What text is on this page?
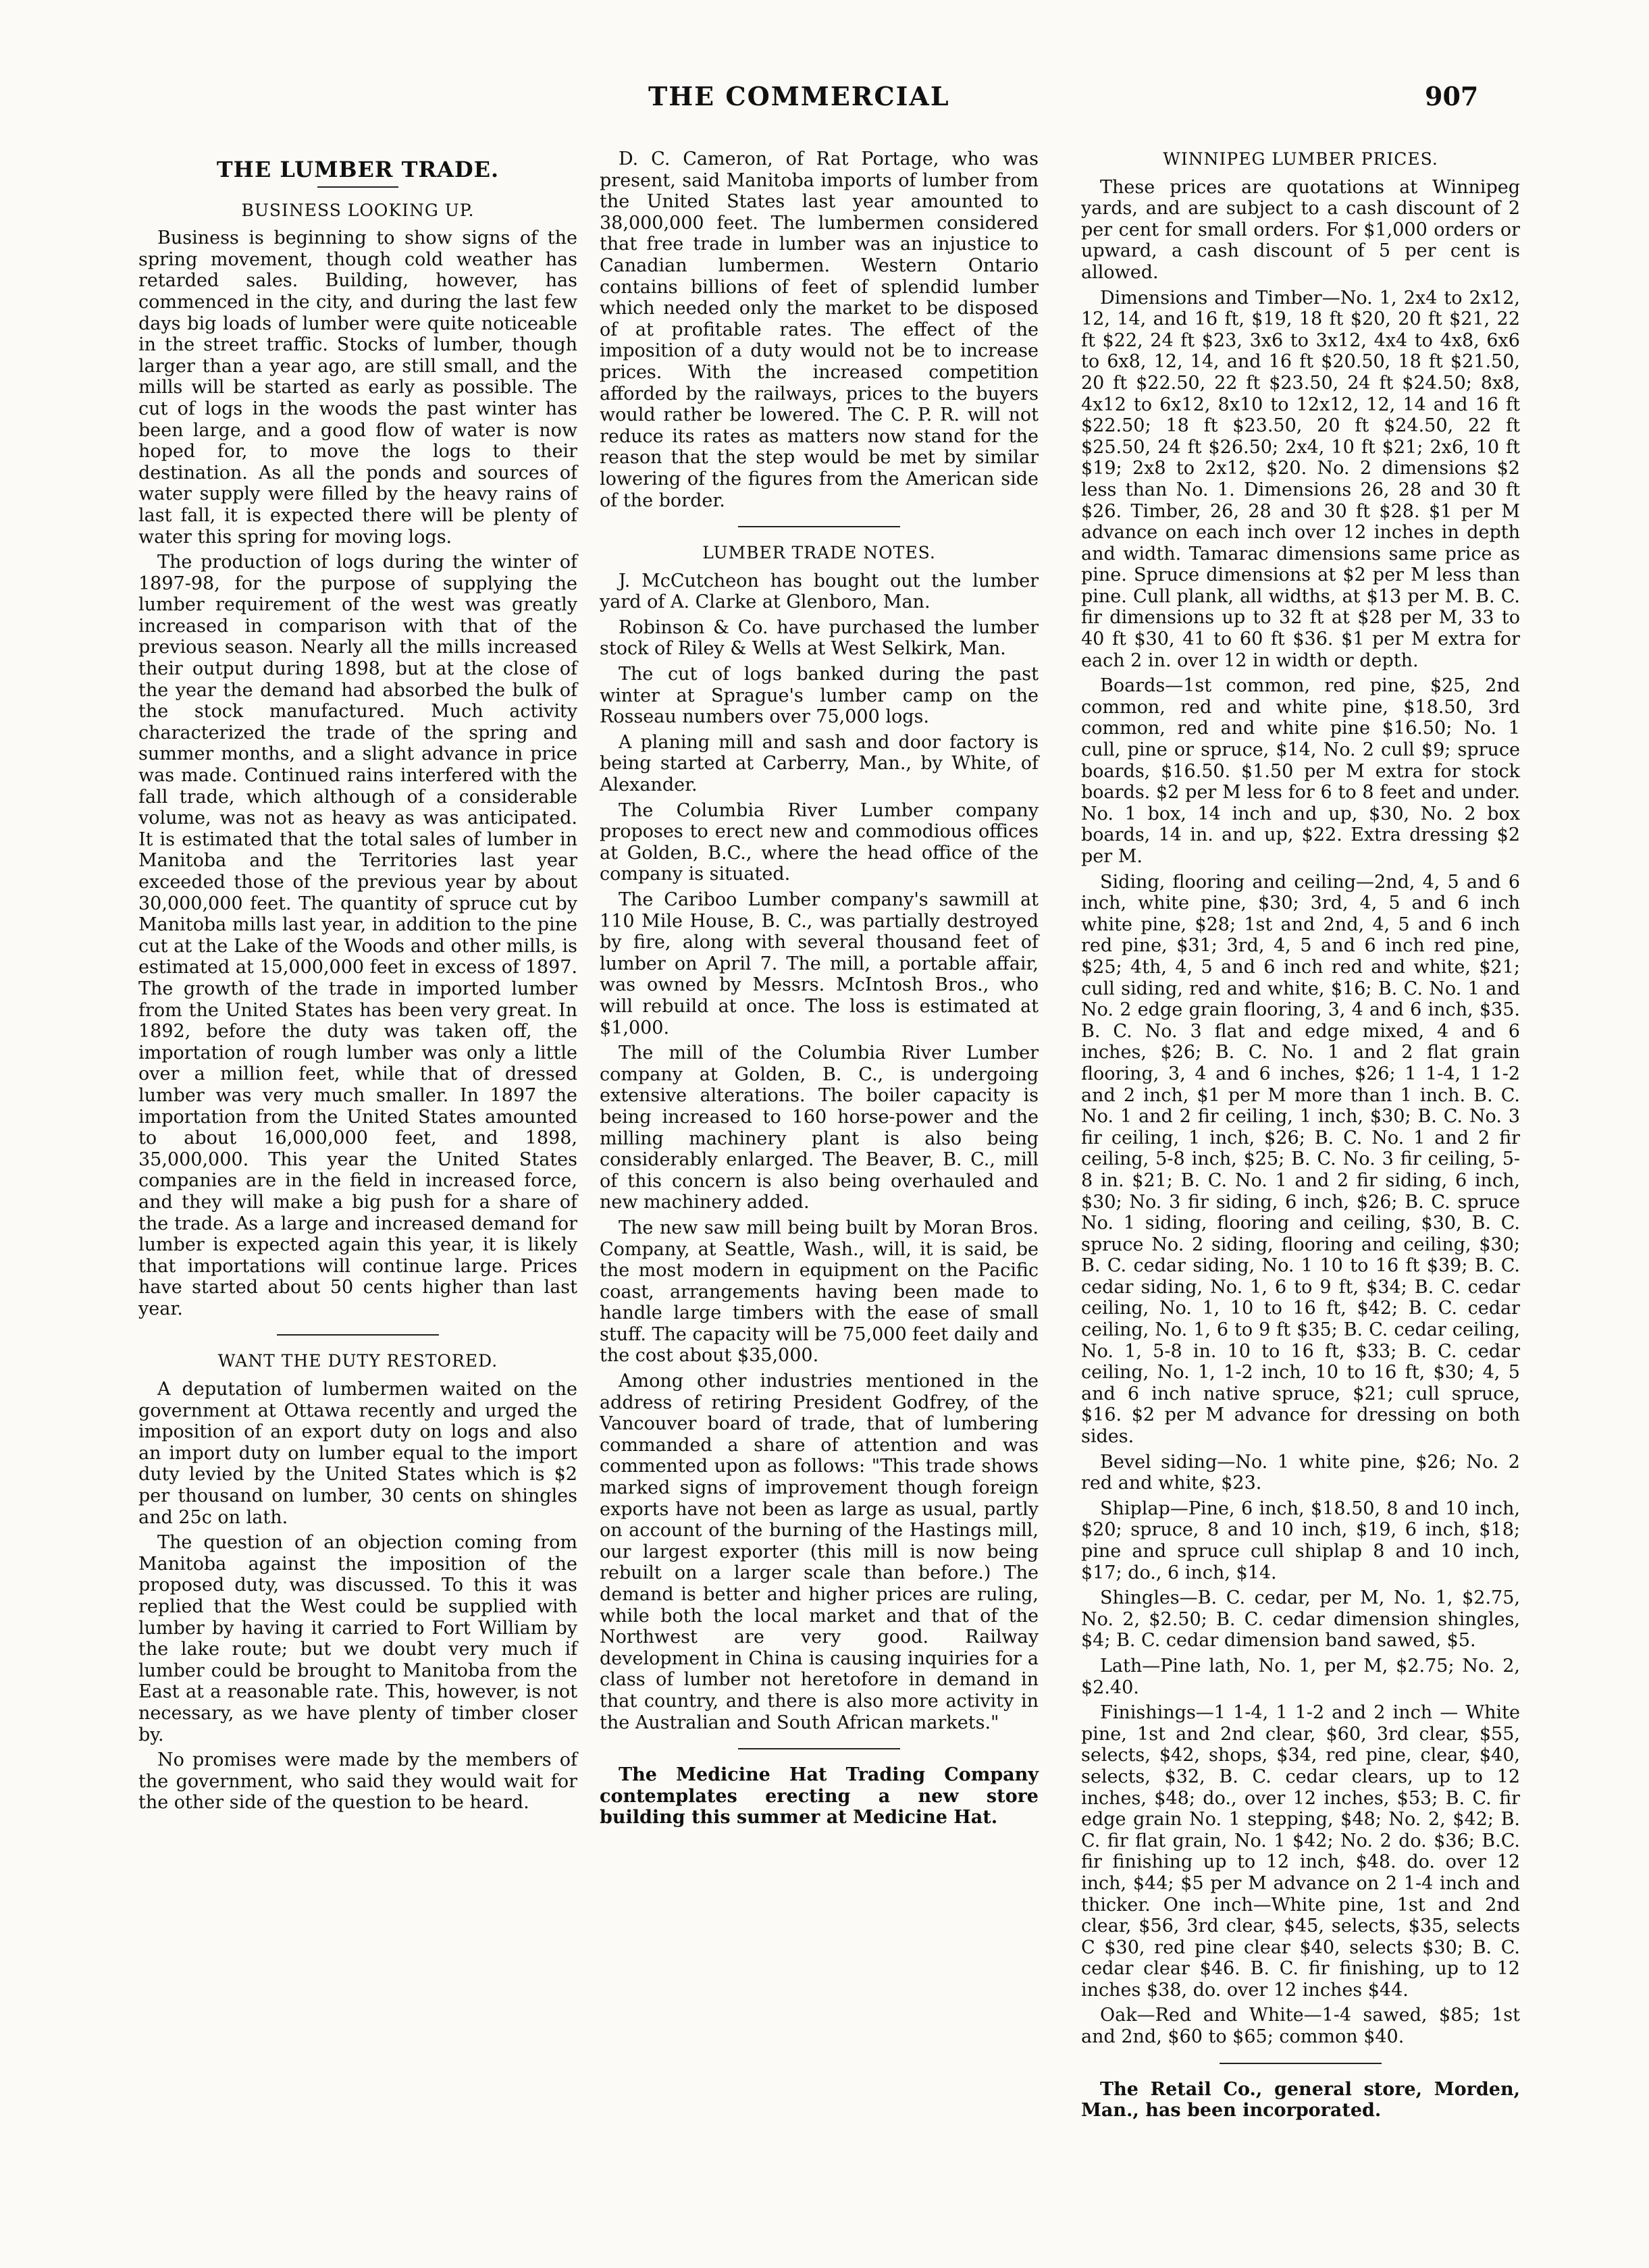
THE COMMERCIAL	907
THE LUMBER TRADE.
BUSINESS LOOKING UP.

Business is beginning to show signs of the spring movement, though cold weather has retarded sales. Building, however, has commenced in the city, and during the last few days big loads of lumber were quite noticeable in the street traffic. Stocks of lumber, though larger than a year ago, are still small, and the mills will be started as early as possible. The cut of logs in the woods the past winter has been large, and a good flow of water is now hoped for, to move the logs to their destination. As all the ponds and sources of water supply were filled by the heavy rains of last fall, it is expected there will be plenty of water this spring for moving logs.

The production of logs during the winter of 1897-98, for the purpose of supplying the lumber requirement of the west was greatly increased in comparison with that of the previous season. Nearly all the mills increased their output during 1898, but at the close of the year the demand had absorbed the bulk of the stock manufactured. Much activity characterized the trade of the spring and summer months, and a slight advance in price was made. Continued rains interfered with the fall trade, which although of a considerable volume, was not as heavy as was anticipated. It is estimated that the total sales of lumber in Manitoba and the Territories last year exceeded those of the previous year by about 30,000,000 feet. The quantity of spruce cut by Manitoba mills last year, in addition to the pine cut at the Lake of the Woods and other mills, is estimated at 15,000,000 feet in excess of 1897. The growth of the trade in imported lumber from the United States has been very great. In 1892, before the duty was taken off, the importation of rough lumber was only a little over a million feet, while that of dressed lumber was very much smaller. In 1897 the importation from the United States amounted to about 16,000,000 feet, and 1898, 35,000,000. This year the United States companies are in the field in increased force, and they will make a big push for a share of the trade. As a large and increased demand for lumber is expected again this year, it is likely that importations will continue large. Prices have started about 50 cents higher than last year.

WANT THE DUTY RESTORED.

A deputation of lumbermen waited on the government at Ottawa recently and urged the imposition of an export duty on logs and also an import duty on lumber equal to the import duty levied by the United States which is $2 per thousand on lumber, 30 cents on shingles and 25c on lath.

The question of an objection coming from Manitoba against the imposition of the proposed duty, was discussed. To this it was replied that the West could be supplied with lumber by having it carried to Fort William by the lake route; but we doubt very much if lumber could be brought to Manitoba from the East at a reasonable rate. This, however, is not necessary, as we have plenty of timber closer by.

No promises were made by the members of the government, who said they would wait for the other side of the question to be heard.

D. C. Cameron, of Rat Portage, who was present, said Manitoba imports of lumber from the United States last year amounted to 38,000,000 feet. The lumbermen considered that free trade in lumber was an injustice to Canadian lumbermen. Western Ontario contains billions of feet of splendid lumber which needed only the market to be disposed of at profitable rates. The effect of the imposition of a duty would not be to increase prices. With the increased competition afforded by the railways, prices to the buyers would rather be lowered. The C. P. R. will not reduce its rates as matters now stand for the reason that the step would be met by similar lowering of the figures from the American side of the border.

LUMBER TRADE NOTES.

J. McCutcheon has bought out the lumber yard of A. Clarke at Glenboro, Man.

Robinson & Co. have purchased the lumber stock of Riley & Wells at West Selkirk, Man.

The cut of logs banked during the past winter at Sprague's lumber camp on the Rosseau numbers over 75,000 logs.

A planing mill and sash and door factory is being started at Carberry, Man., by White, of Alexander.

The Columbia River Lumber company proposes to erect new and commodious offices at Golden, B.C., where the head office of the company is situated.

The Cariboo Lumber company's sawmill at 110 Mile House, B. C., was partially destroyed by fire, along with several thousand feet of lumber on April 7. The mill, a portable affair, was owned by Messrs. McIntosh Bros., who will rebuild at once. The loss is estimated at $1,000.

The mill of the Columbia River Lumber company at Golden, B. C., is undergoing extensive alterations. The boiler capacity is being increased to 160 horse-power and the milling machinery plant is also being considerably enlarged. The Beaver, B. C., mill of this concern is also being overhauled and new machinery added.

The new saw mill being built by Moran Bros. Company, at Seattle, Wash., will, it is said, be the most modern in equipment on the Pacific coast, arrangements having been made to handle large timbers with the ease of small stuff. The capacity will be 75,000 feet daily and the cost about $35,000.

Among other industries mentioned in the address of retiring President Godfrey, of the Vancouver board of trade, that of lumbering commanded a share of attention and was commented upon as follows: "This trade shows marked signs of improvement though foreign exports have not been as large as usual, partly on account of the burning of the Hastings mill, our largest exporter (this mill is now being rebuilt on a larger scale than before.) The demand is better and higher prices are ruling, while both the local market and that of the Northwest are very good. Railway development in China is causing inquiries for a class of lumber not heretofore in demand in that country, and there is also more activity in the Australian and South African markets."

The Medicine Hat Trading Company contemplates erecting a new store building this summer at Medicine Hat.

WINNIPEG LUMBER PRICES.

These prices are quotations at Winnipeg yards, and are subject to a cash discount of 2 per cent for small orders. For $1,000 orders or upward, a cash discount of 5 per cent is allowed.

Dimensions and Timber—No. 1, 2x4 to 2x12, 12, 14, and 16 ft, $19, 18 ft $20, 20 ft $21, 22 ft $22, 24 ft $23, 3x6 to 3x12, 4x4 to 4x8, 6x6 to 6x8, 12, 14, and 16 ft $20.50, 18 ft $21.50, 20 ft $22.50, 22 ft $23.50, 24 ft $24.50; 8x8, 4x12 to 6x12, 8x10 to 12x12, 12, 14 and 16 ft $22.50; 18 ft $23.50, 20 ft $24.50, 22 ft $25.50, 24 ft $26.50; 2x4, 10 ft $21; 2x6, 10 ft $19; 2x8 to 2x12, $20. No. 2 dimensions $2 less than No. 1. Dimensions 26, 28 and 30 ft $26. Timber, 26, 28 and 30 ft $28. $1 per M advance on each inch over 12 inches in depth and width. Tamarac dimensions same price as pine. Spruce dimensions at $2 per M less than pine. Cull plank, all widths, at $13 per M. B. C. fir dimensions up to 32 ft at $28 per M, 33 to 40 ft $30, 41 to 60 ft $36. $1 per M extra for each 2 in. over 12 in width or depth.

Boards—1st common, red pine, $25, 2nd common, red and white pine, $18.50, 3rd common, red and white pine $16.50; No. 1 cull, pine or spruce, $14, No. 2 cull $9; spruce boards, $16.50. $1.50 per M extra for stock boards. $2 per M less for 6 to 8 feet and under. No. 1 box, 14 inch and up, $30, No. 2 box boards, 14 in. and up, $22. Extra dressing $2 per M.

Siding, flooring and ceiling—2nd, 4, 5 and 6 inch, white pine, $30; 3rd, 4, 5 and 6 inch white pine, $28; 1st and 2nd, 4, 5 and 6 inch red pine, $31; 3rd, 4, 5 and 6 inch red pine, $25; 4th, 4, 5 and 6 inch red and white, $21; cull siding, red and white, $16; B. C. No. 1 and No. 2 edge grain flooring, 3, 4 and 6 inch, $35. B. C. No. 3 flat and edge mixed, 4 and 6 inches, $26; B. C. No. 1 and 2 flat grain flooring, 3, 4 and 6 inches, $26; 1 1-4, 1 1-2 and 2 inch, $1 per M more than 1 inch. B. C. No. 1 and 2 fir ceiling, 1 inch, $30; B. C. No. 3 fir ceiling, 1 inch, $26; B. C. No. 1 and 2 fir ceiling, 5-8 inch, $25; B. C. No. 3 fir ceiling, 5-8 in. $21; B. C. No. 1 and 2 fir siding, 6 inch, $30; No. 3 fir siding, 6 inch, $26; B. C. spruce No. 1 siding, flooring and ceiling, $30, B. C. spruce No. 2 siding, flooring and ceiling, $30; B. C. cedar siding, No. 1 10 to 16 ft $39; B. C. cedar siding, No. 1, 6 to 9 ft, $34; B. C. cedar ceiling, No. 1, 10 to 16 ft, $42; B. C. cedar ceiling, No. 1, 6 to 9 ft $35; B. C. cedar ceiling, No. 1, 5-8 in. 10 to 16 ft, $33; B. C. cedar ceiling, No. 1, 1-2 inch, 10 to 16 ft, $30; 4, 5 and 6 inch native spruce, $21; cull spruce, $16. $2 per M advance for dressing on both sides.

Bevel siding—No. 1 white pine, $26; No. 2 red and white, $23.

Shiplap—Pine, 6 inch, $18.50, 8 and 10 inch, $20; spruce, 8 and 10 inch, $19, 6 inch, $18; pine and spruce cull shiplap 8 and 10 inch, $17; do., 6 inch, $14.

Shingles—B. C. cedar, per M, No. 1, $2.75, No. 2, $2.50; B. C. cedar dimension shingles, $4; B. C. cedar dimension band sawed, $5.

Lath—Pine lath, No. 1, per M, $2.75; No. 2, $2.40.

Finishings—1 1-4, 1 1-2 and 2 inch — White pine, 1st and 2nd clear, $60, 3rd clear, $55, selects, $42, shops, $34, red pine, clear, $40, selects, $32, B. C. cedar clears, up to 12 inches, $48; do., over 12 inches, $53; B. C. fir edge grain No. 1 stepping, $48; No. 2, $42; B. C. fir flat grain, No. 1 $42; No. 2 do. $36; B.C. fir finishing up to 12 inch, $48. do. over 12 inch, $44; $5 per M advance on 2 1-4 inch and thicker. One inch—White pine, 1st and 2nd clear, $56, 3rd clear, $45, selects, $35, selects C $30, red pine clear $40, selects $30; B. C. cedar clear $46. B. C. fir finishing, up to 12 inches $38, do. over 12 inches $44.

Oak—Red and White—1-4 sawed, $85; 1st and 2nd, $60 to $65; common $40.

The Retail Co., general store, Morden, Man., has been incorporated.
